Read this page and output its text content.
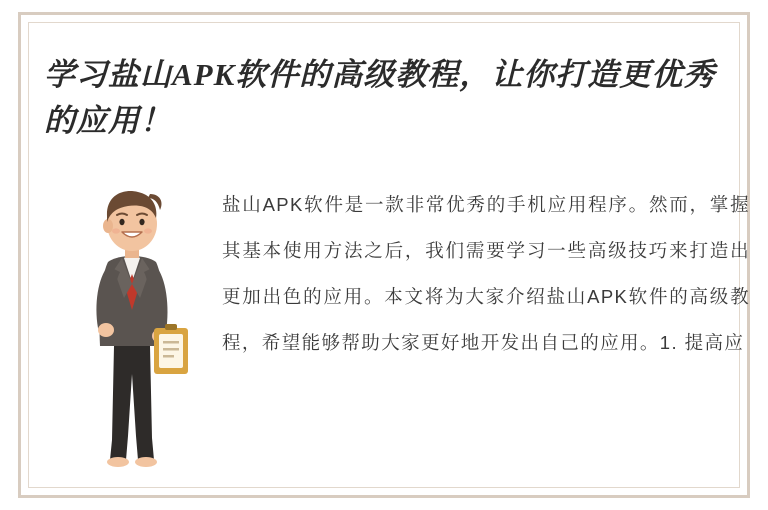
学习盐山APK软件的高级教程，让你打造更优秀的应用！
盐山APK软件是一款非常优秀的手机应用程序。然而，掌握其基本使用方法之后，我们需要学习一些高级技巧来打造出更加出色的应用。本文将为大家介绍盐山APK软件的高级教程，希望能够帮助大家更好地开发出自己的应用。1. 提高应
